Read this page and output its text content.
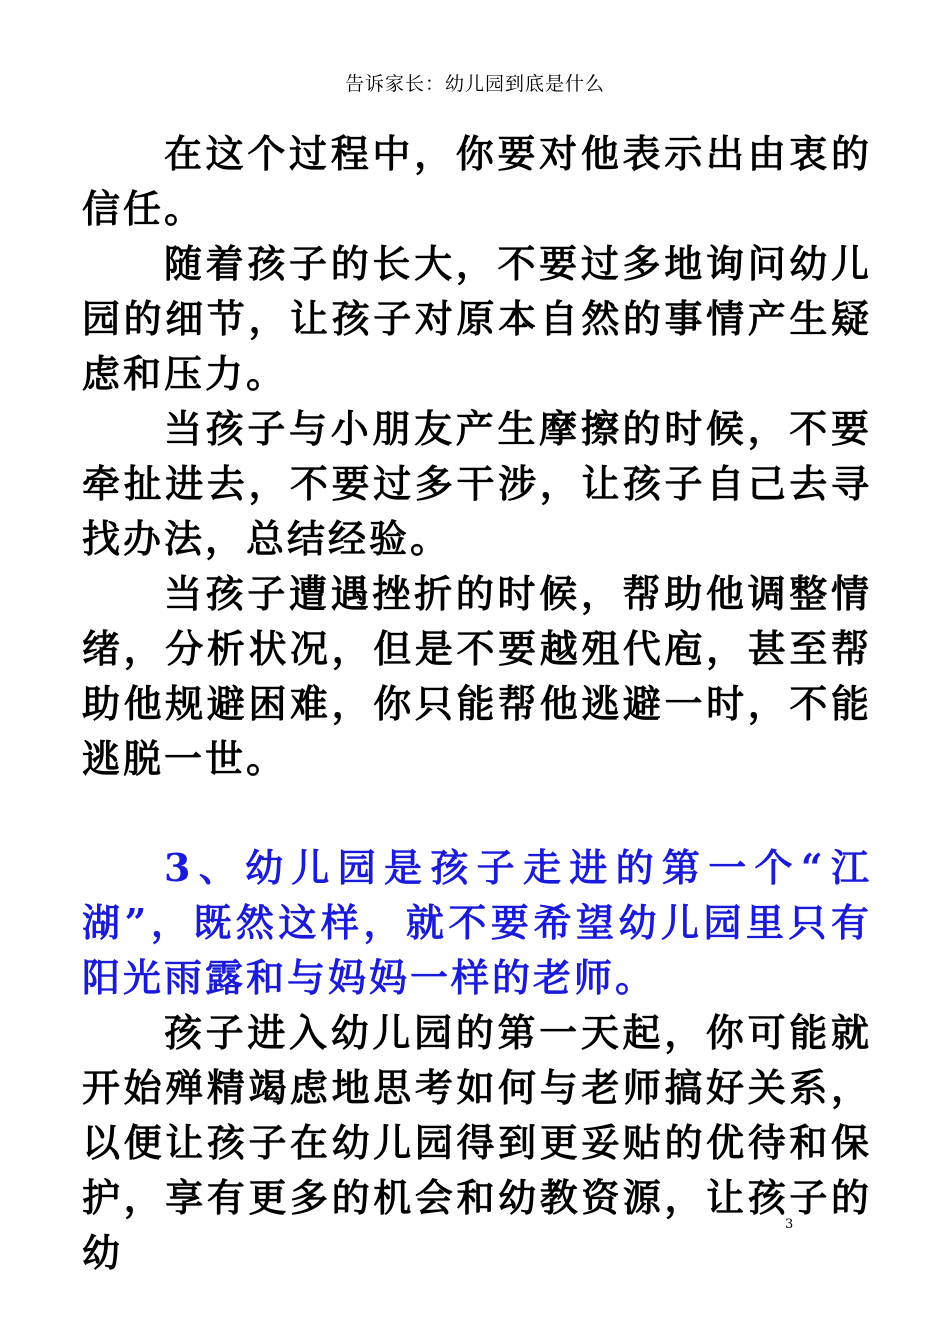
告诉家长：幼儿园到底是什么

在这个过程中，你要对他表示出由衷的信任。

随着孩子的长大，不要过多地询问幼儿园的细节，让孩子对原本自然的事情产生疑虑和压力。

当孩子与小朋友产生摩擦的时候，不要牵扯进去，不要过多干涉，让孩子自己去寻找办法，总结经验。

当孩子遭遇挫折的时候，帮助他调整情绪，分析状况，但是不要越殂代庖，甚至帮助他规避困难，你只能帮他逃避一时，不能逃脱一世。

3、幼儿园是孩子走进的第一个“江湖”，既然这样，就不要希望幼儿园里只有阳光雨露和与妈妈一样的老师。

孩子进入幼儿园的第一天起，你可能就开始殚精竭虑地思考如何与老师搞好关系，以便让孩子在幼儿园得到更妥贴的优待和保护，享有更多的机会和幼教资源，让孩子的幼

3
